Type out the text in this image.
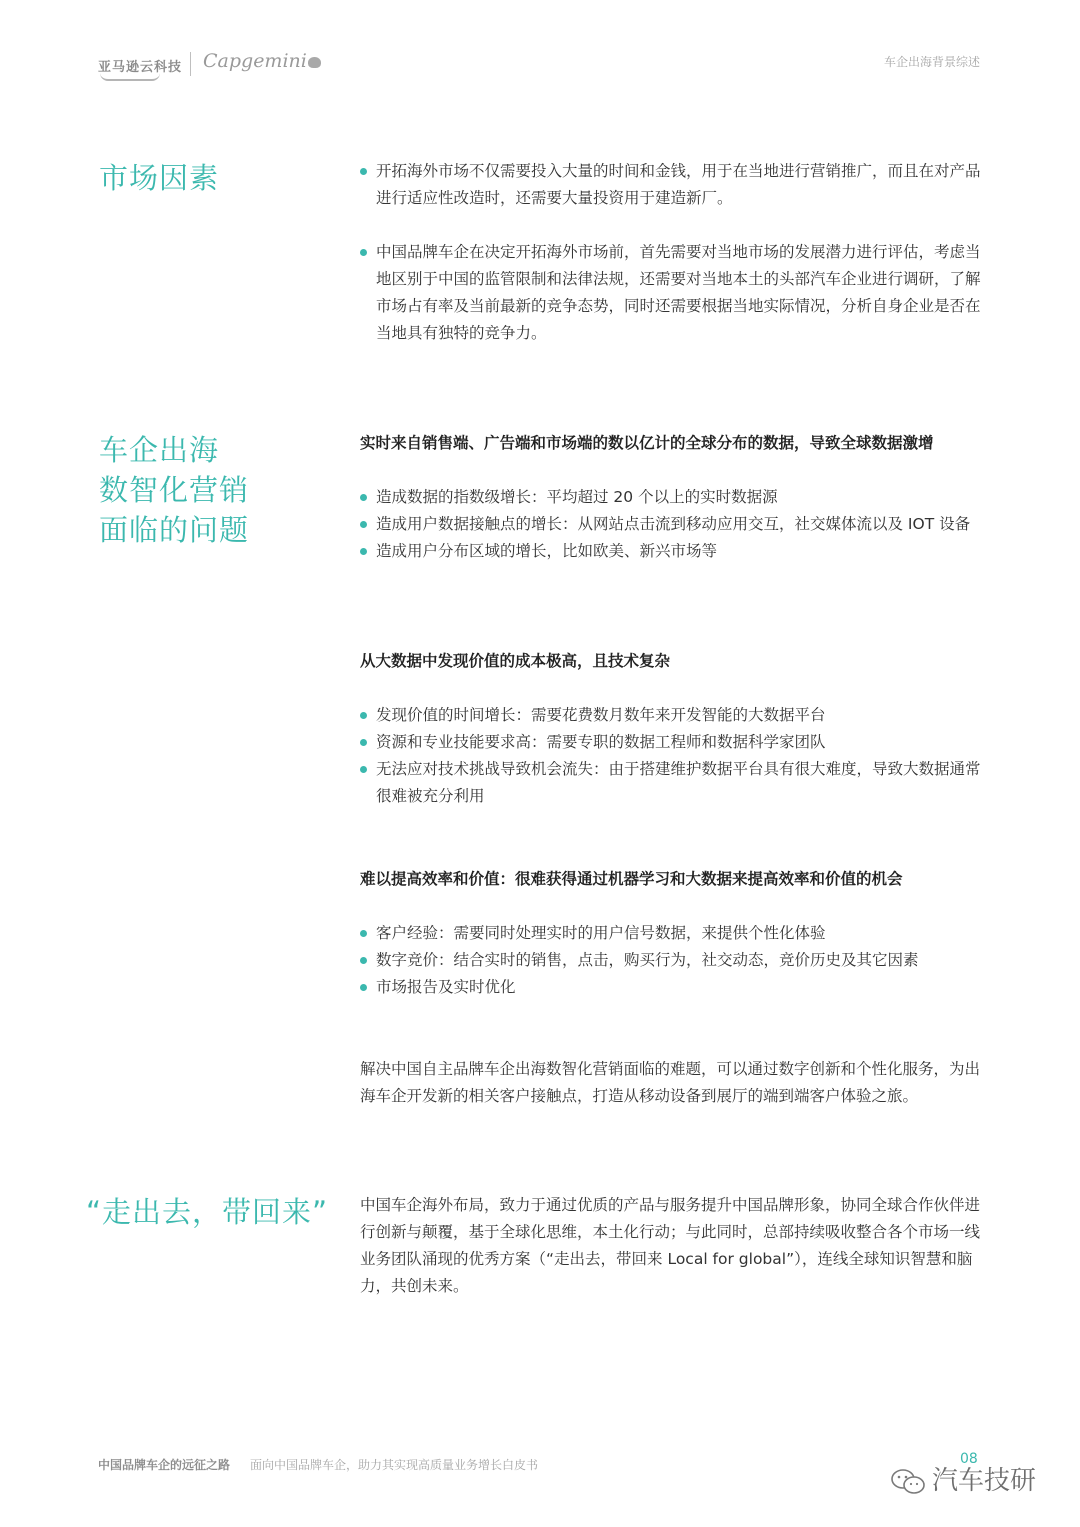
亚马逊云科技 Capgemini	车企出海背景综述
市场因素	开拓海外市场不仅需要投入大量的时间和金钱，用于在当地进行营销推广，而且在对产品进行适应性改造时，还需要大量投资用于建造新厂。
中国品牌车企在决定开拓海外市场前，首先需要对当地市场的发展潜力进行评估，考虑当地区别于中国的监管限制和法律法规，还需要对当地本土的头部汽车企业进行调研，了解市场占有率及当前最新的竞争态势，同时还需要根据当地实际情况，分析自身企业是否在当地具有独特的竞争力。
车企出海
数智化营销
面临的问题
实时来自销售端、广告端和市场端的数以亿计的全球分布的数据，导致全球数据激增
造成数据的指数级增长：平均超过 20 个以上的实时数据源
造成用户数据接触点的增长：从网站点击流到移动应用交互，社交媒体流以及 IOT 设备
造成用户分布区域的增长，比如欧美、新兴市场等
从大数据中发现价值的成本极高，且技术复杂
发现价值的时间增长：需要花费数月数年来开发智能的大数据平台
资源和专业技能要求高：需要专职的数据工程师和数据科学家团队
无法应对技术挑战导致机会流失：由于搭建维护数据平台具有很大难度，导致大数据通常很难被充分利用
难以提高效率和价值：很难获得通过机器学习和大数据来提高效率和价值的机会
客户经验：需要同时处理实时的用户信号数据，来提供个性化体验
数字竞价：结合实时的销售，点击，购买行为，社交动态，竞价历史及其它因素
市场报告及实时优化
解决中国自主品牌车企出海数智化营销面临的难题，可以通过数字创新和个性化服务，为出海车企开发新的相关客户接触点，打造从移动设备到展厅的端到端客户体验之旅。
“走出去，带回来” 中国车企海外布局，致力于通过优质的产品与服务提升中国品牌形象，协同全球合作伙伴进行创新与颠覆，基于全球化思维，本土化行动；与此同时，总部持续吸收整合各个市场一线业务团队涌现的优秀方案（“走出去，带回来 Local for global”），连线全球知识智慧和脑力，共创未来。
中国品牌车企的远征之路 面向中国品牌车企，助力其实现高质量业务增长白皮书	08
汽车技研
